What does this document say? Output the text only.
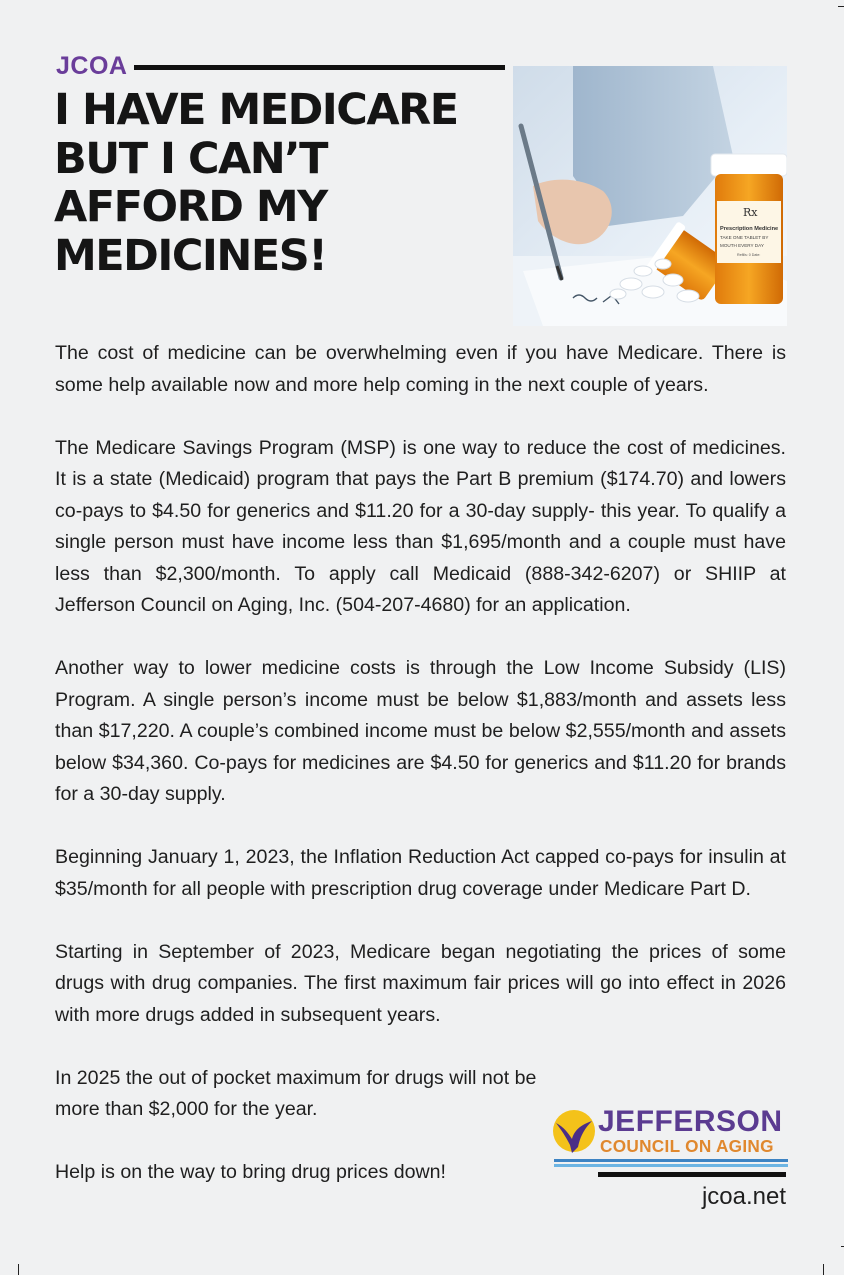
JCOA
I HAVE MEDICARE
BUT I CAN’T
AFFORD MY
MEDICINES!
Rx
Prescription Medicine
TAKE ONE TABLET BY
MOUTH EVERY DAY
Refills: 0 Date:

The cost of medicine can be overwhelming even if you have Medicare. There is some help available now and more help coming in the next couple of years.

The Medicare Savings Program (MSP) is one way to reduce the cost of medicines. It is a state (Medicaid) program that pays the Part B premium ($174.70) and lowers co-pays to $4.50 for generics and $11.20 for a 30-day supply- this year. To qualify a single person must have income less than $1,695/month and a couple must have less than $2,300/month. To apply call Medicaid (888-342-6207) or SHIIP at Jefferson Council on Aging, Inc. (504-207-4680) for an application.

Another way to lower medicine costs is through the Low Income Subsidy (LIS) Program. A single person’s income must be below $1,883/month and assets less than $17,220. A couple’s combined income must be below $2,555/month and assets below $34,360. Co-pays for medicines are $4.50 for generics and $11.20 for brands for a 30-day supply.

Beginning January 1, 2023, the Inflation Reduction Act capped co-pays for insulin at $35/month for all people with prescription drug coverage under Medicare Part D.

Starting in September of 2023, Medicare began negotiating the prices of some drugs with drug companies. The first maximum fair prices will go into effect in 2026 with more drugs added in subsequent years.

In 2025 the out of pocket maximum for drugs will not be more than $2,000 for the year.

Help is on the way to bring drug prices down!

JEFFERSON
COUNCIL ON AGING
jcoa.net
